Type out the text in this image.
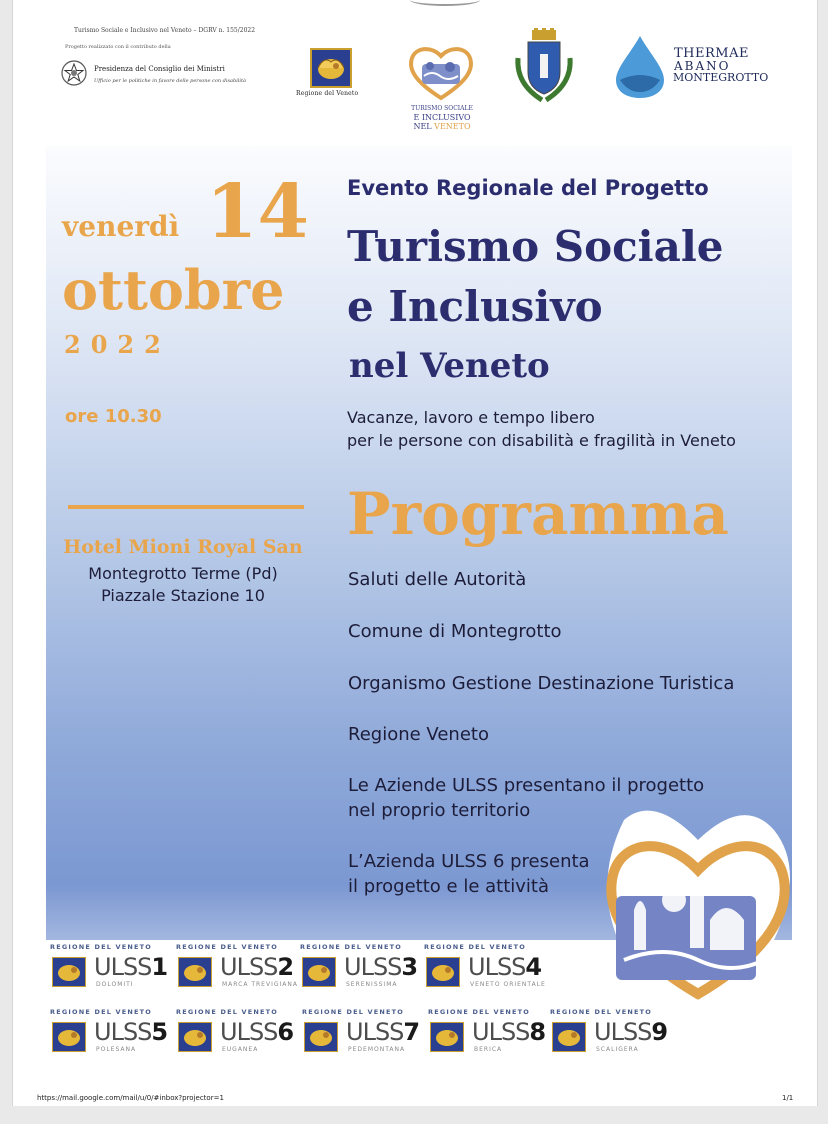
Turismo Sociale e Inclusivo nel Veneto – DGRV n. 155/2022
Progetto realizzato con il contributo della
Presidenza del Consiglio dei Ministri
Ufficio per le politiche in favore delle persone con disabilità
Regione del Veneto
TURISMO SOCIALE
E INCLUSIVO
NEL VENETO
THERMAE
ABANO
MONTEGROTTO
venerdì 14
ottobre
2022
ore 10.30
Hotel Mioni Royal San
Montegrotto Terme (Pd)
Piazzale Stazione 10
Evento Regionale del Progetto
Turismo Sociale
e Inclusivo
nel Veneto
Vacanze, lavoro e tempo libero
per le persone con disabilità e fragilità in Veneto
Programma
Saluti delle Autorità
Comune di Montegrotto
Organismo Gestione Destinazione Turistica
Regione Veneto
Le Aziende ULSS presentano il progetto
nel proprio territorio
L’Azienda ULSS 6 presenta
il progetto e le attività
REGIONE DEL VENETO
ULSS1
DOLOMITI
REGIONE DEL VENETO
ULSS2
MARCA TREVIGIANA
REGIONE DEL VENETO
ULSS3
SERENISSIMA
REGIONE DEL VENETO
ULSS4
VENETO ORIENTALE
REGIONE DEL VENETO
ULSS5
POLESANA
REGIONE DEL VENETO
ULSS6
EUGANEA
REGIONE DEL VENETO
ULSS7
PEDEMONTANA
REGIONE DEL VENETO
ULSS8
BERICA
REGIONE DEL VENETO
ULSS9
SCALIGERA
https://mail.google.com/mail/u/0/#inbox?projector=1	1/1
